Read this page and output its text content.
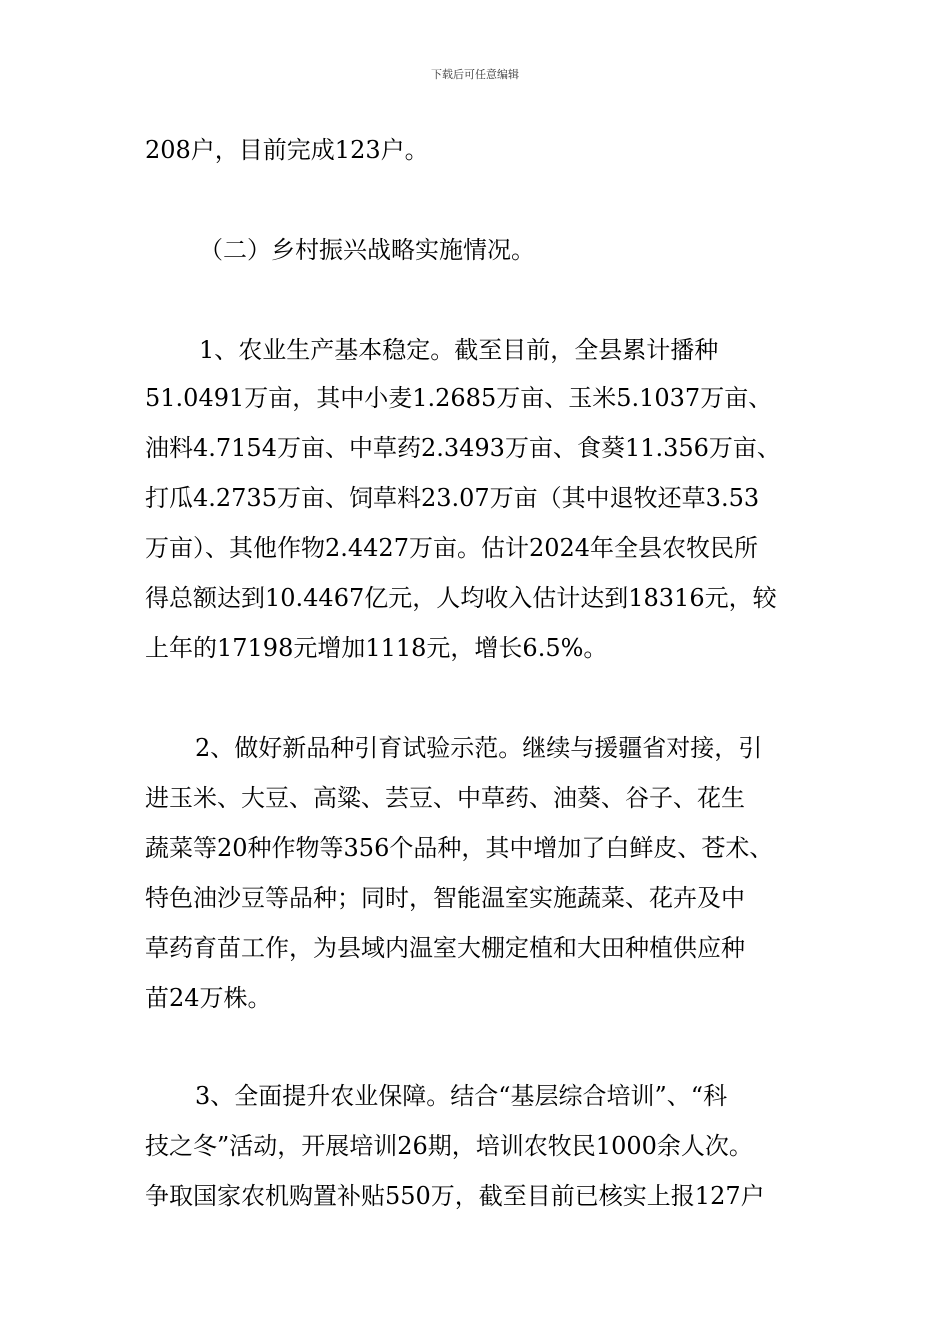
下载后可任意编辑
208户，目前完成123户。
（二）乡村振兴战略实施情况。
1、农业生产基本稳定。截至目前，全县累计播种
51.0491万亩，其中小麦1.2685万亩、玉米5.1037万亩、
油料4.7154万亩、中草药2.3493万亩、食葵11.356万亩、
打瓜4.2735万亩、饲草料23.07万亩（其中退牧还草3.53
万亩）、其他作物2.4427万亩。估计2024年全县农牧民所
得总额达到10.4467亿元，人均收入估计达到18316元，较
上年的17198元增加1118元，增长6.5%。
2、做好新品种引育试验示范。继续与援疆省对接，引
进玉米、大豆、高粱、芸豆、中草药、油葵、谷子、花生
蔬菜等20种作物等356个品种，其中增加了白鲜皮、苍术、
特色油沙豆等品种；同时，智能温室实施蔬菜、花卉及中
草药育苗工作，为县域内温室大棚定植和大田种植供应种
苗24万株。
3、全面提升农业保障。结合“基层综合培训”、“科
技之冬”活动，开展培训26期，培训农牧民1000余人次。
争取国家农机购置补贴550万，截至目前已核实上报127户
